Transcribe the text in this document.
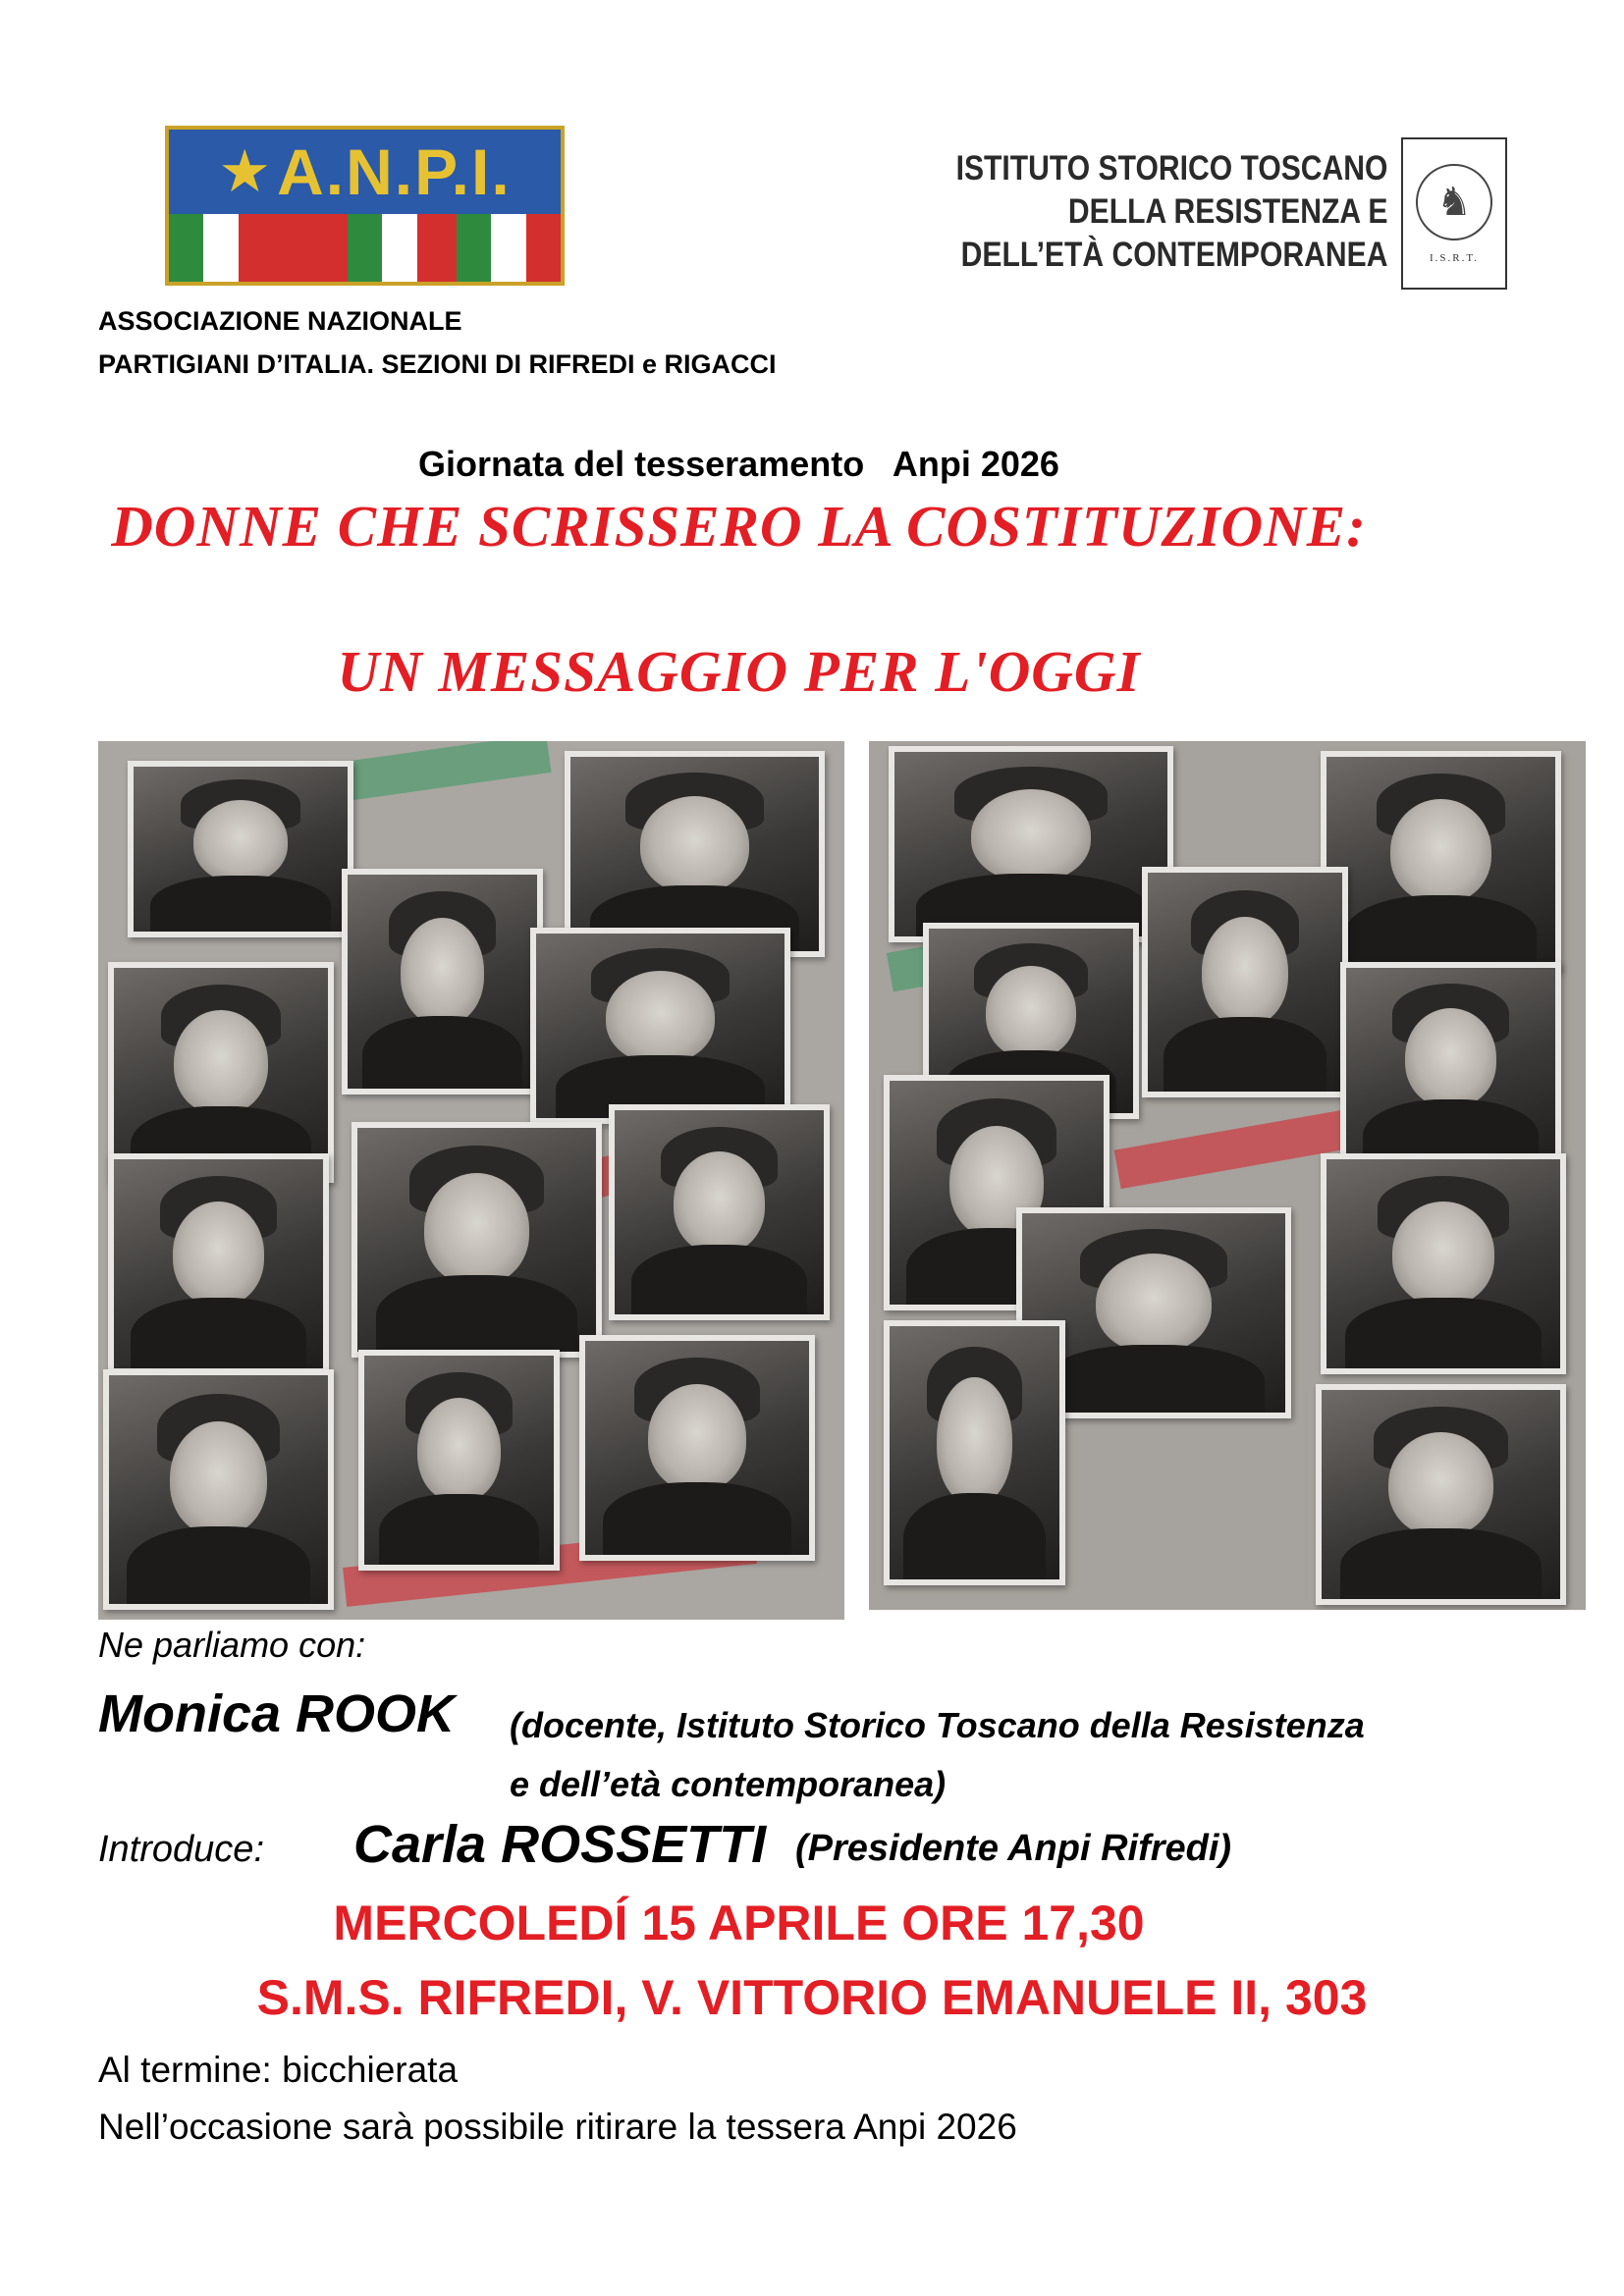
★ A.N.P.I.
ASSOCIAZIONE NAZIONALE
PARTIGIANI D’ITALIA. SEZIONI DI RIFREDI e RIGACCI
ISTITUTO STORICO TOSCANO
DELLA RESISTENZA E
DELL’ETÀ CONTEMPORANEA
♞
I.S.R.T.
Giornata del tesseramento   Anpi 2026
DONNE CHE SCRISSERO LA COSTITUZIONE:
UN MESSAGGIO PER L'OGGI
Ne parliamo con:
Monica ROOK (docente, Istituto Storico Toscano della Resistenza
e dell’età contemporanea)
Introduce: Carla ROSSETTI (Presidente Anpi Rifredi)
MERCOLEDÍ 15 APRILE ORE 17,30
S.M.S. RIFREDI, V. VITTORIO EMANUELE II, 303
Al termine: bicchierata
Nell’occasione sarà possibile ritirare la tessera Anpi 2026
